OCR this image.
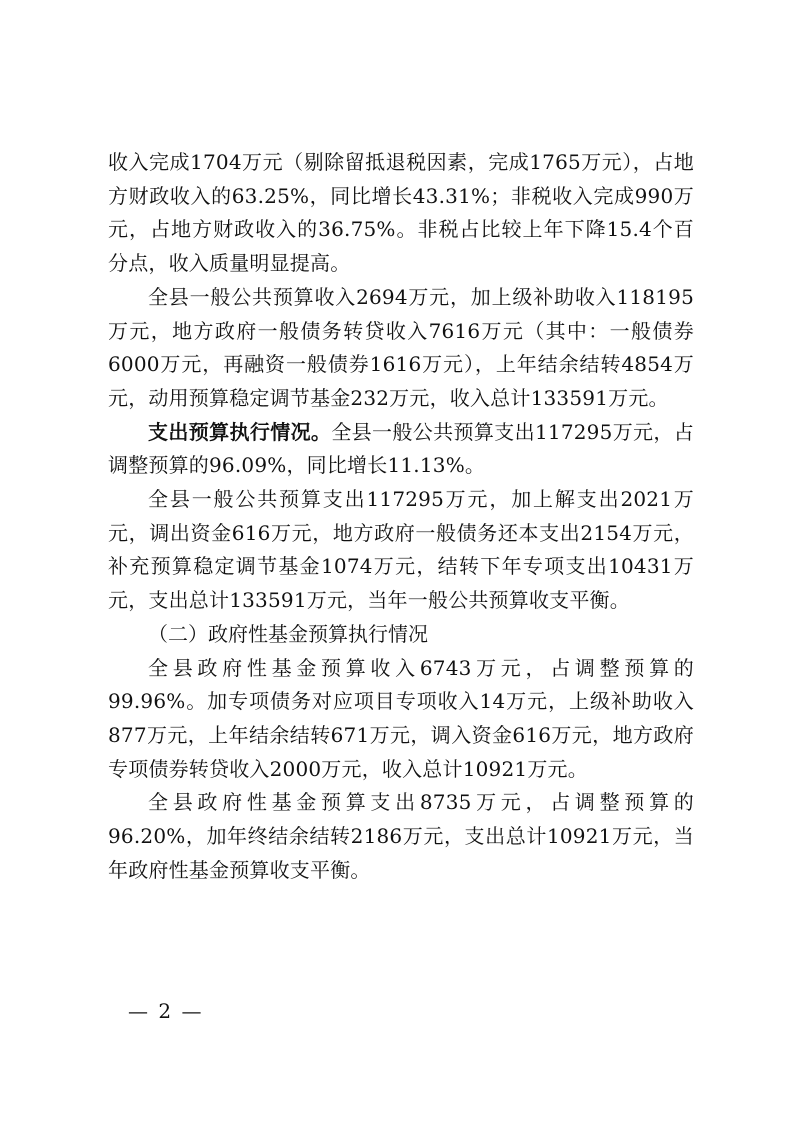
收入完成1704万元（剔除留抵退税因素，完成1765万元），占地方财政收入的63.25%，同比增长43.31%；非税收入完成990万元，占地方财政收入的36.75%。非税占比较上年下降15.4个百分点，收入质量明显提高。

全县一般公共预算收入2694万元，加上级补助收入118195万元，地方政府一般债务转贷收入7616万元（其中：一般债券6000万元，再融资一般债券1616万元），上年结余结转4854万元，动用预算稳定调节基金232万元，收入总计133591万元。

支出预算执行情况。全县一般公共预算支出117295万元，占调整预算的96.09%，同比增长11.13%。

全县一般公共预算支出117295万元，加上解支出2021万元，调出资金616万元，地方政府一般债务还本支出2154万元，补充预算稳定调节基金1074万元，结转下年专项支出10431万元，支出总计133591万元，当年一般公共预算收支平衡。

（二）政府性基金预算执行情况

全县政府性基金预算收入6743万元，占调整预算的99.96%。加专项债务对应项目专项收入14万元，上级补助收入877万元，上年结余结转671万元，调入资金616万元，地方政府专项债券转贷收入2000万元，收入总计10921万元。

全县政府性基金预算支出8735万元，占调整预算的96.20%，加年终结余结转2186万元，支出总计10921万元，当年政府性基金预算收支平衡。

— 2 —
